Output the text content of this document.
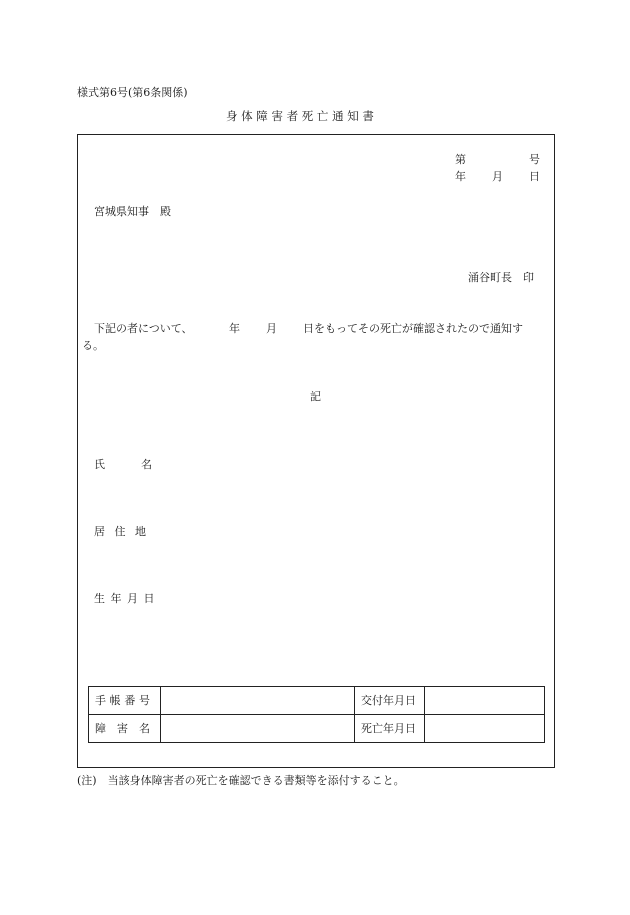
様式第6号(第6条関係)
身 体 障 害 者 死 亡 通 知 書
第	号
年 月 日
宮城県知事　殿
涌谷町長　印
下記の者について、	年 月 日をもってその死亡が確認されたので通知す
る。
記
氏	名
居 住 地
生 年 月 日
手 帳 番 号		交付年月日	

障 害 名		死亡年月日	
(注)　当該身体障害者の死亡を確認できる書類等を添付すること。
